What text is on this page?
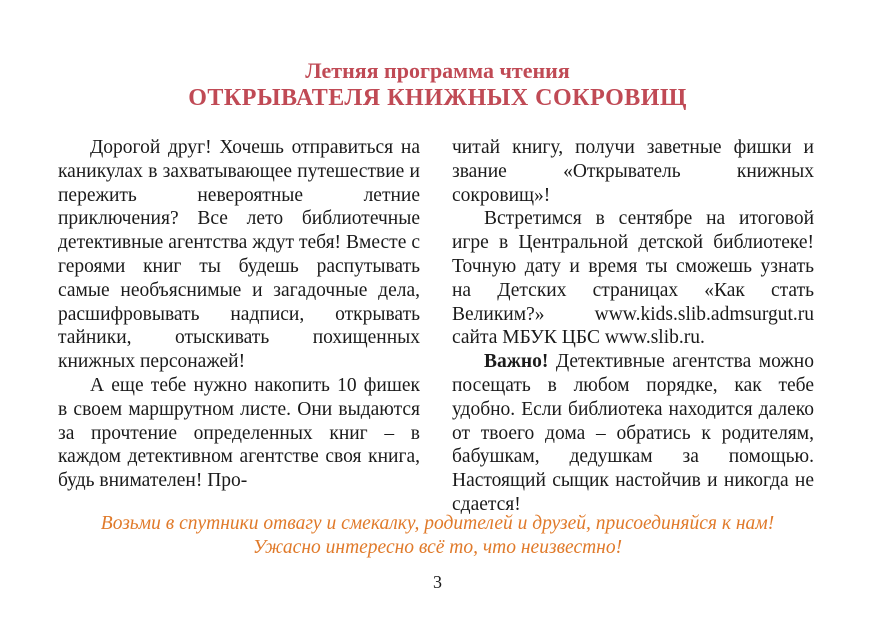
Летняя программа чтения
ОТКРЫВАТЕЛЯ КНИЖНЫХ СОКРОВИЩ

Дорогой друг! Хочешь отправиться на каникулах в захватывающее путешествие и пережить невероятные летние приключения? Все лето библиотечные детективные агентства ждут тебя! Вместе с героями книг ты будешь распутывать самые необъяснимые и загадочные дела, расшифровывать надписи, открывать тайники, отыскивать похищенных книжных персонажей!

А еще тебе нужно накопить 10 фишек в своем маршрутном листе. Они выдаются за прочтение определенных книг – в каждом детективном агентстве своя книга, будь внимателен! Про-

читай книгу, получи заветные фишки и звание «Открыватель книжных сокровищ»!

Встретимся в сентябре на итоговой игре в Центральной детской библиотеке! Точную дату и время ты сможешь узнать на Детских страницах «Как стать Великим?» www.kids.slib.admsurgut.ru сайта МБУК ЦБС www.slib.ru.

Важно! Детективные агентства можно посещать в любом порядке, как тебе удобно. Если библиотека находится далеко от твоего дома – обратись к родителям, бабушкам, дедушкам за помощью. Настоящий сыщик настойчив и никогда не сдается!

Возьми в спутники отвагу и смекалку, родителей и друзей, присоединяйся к нам!
Ужасно интересно всё то, что неизвестно!
3
